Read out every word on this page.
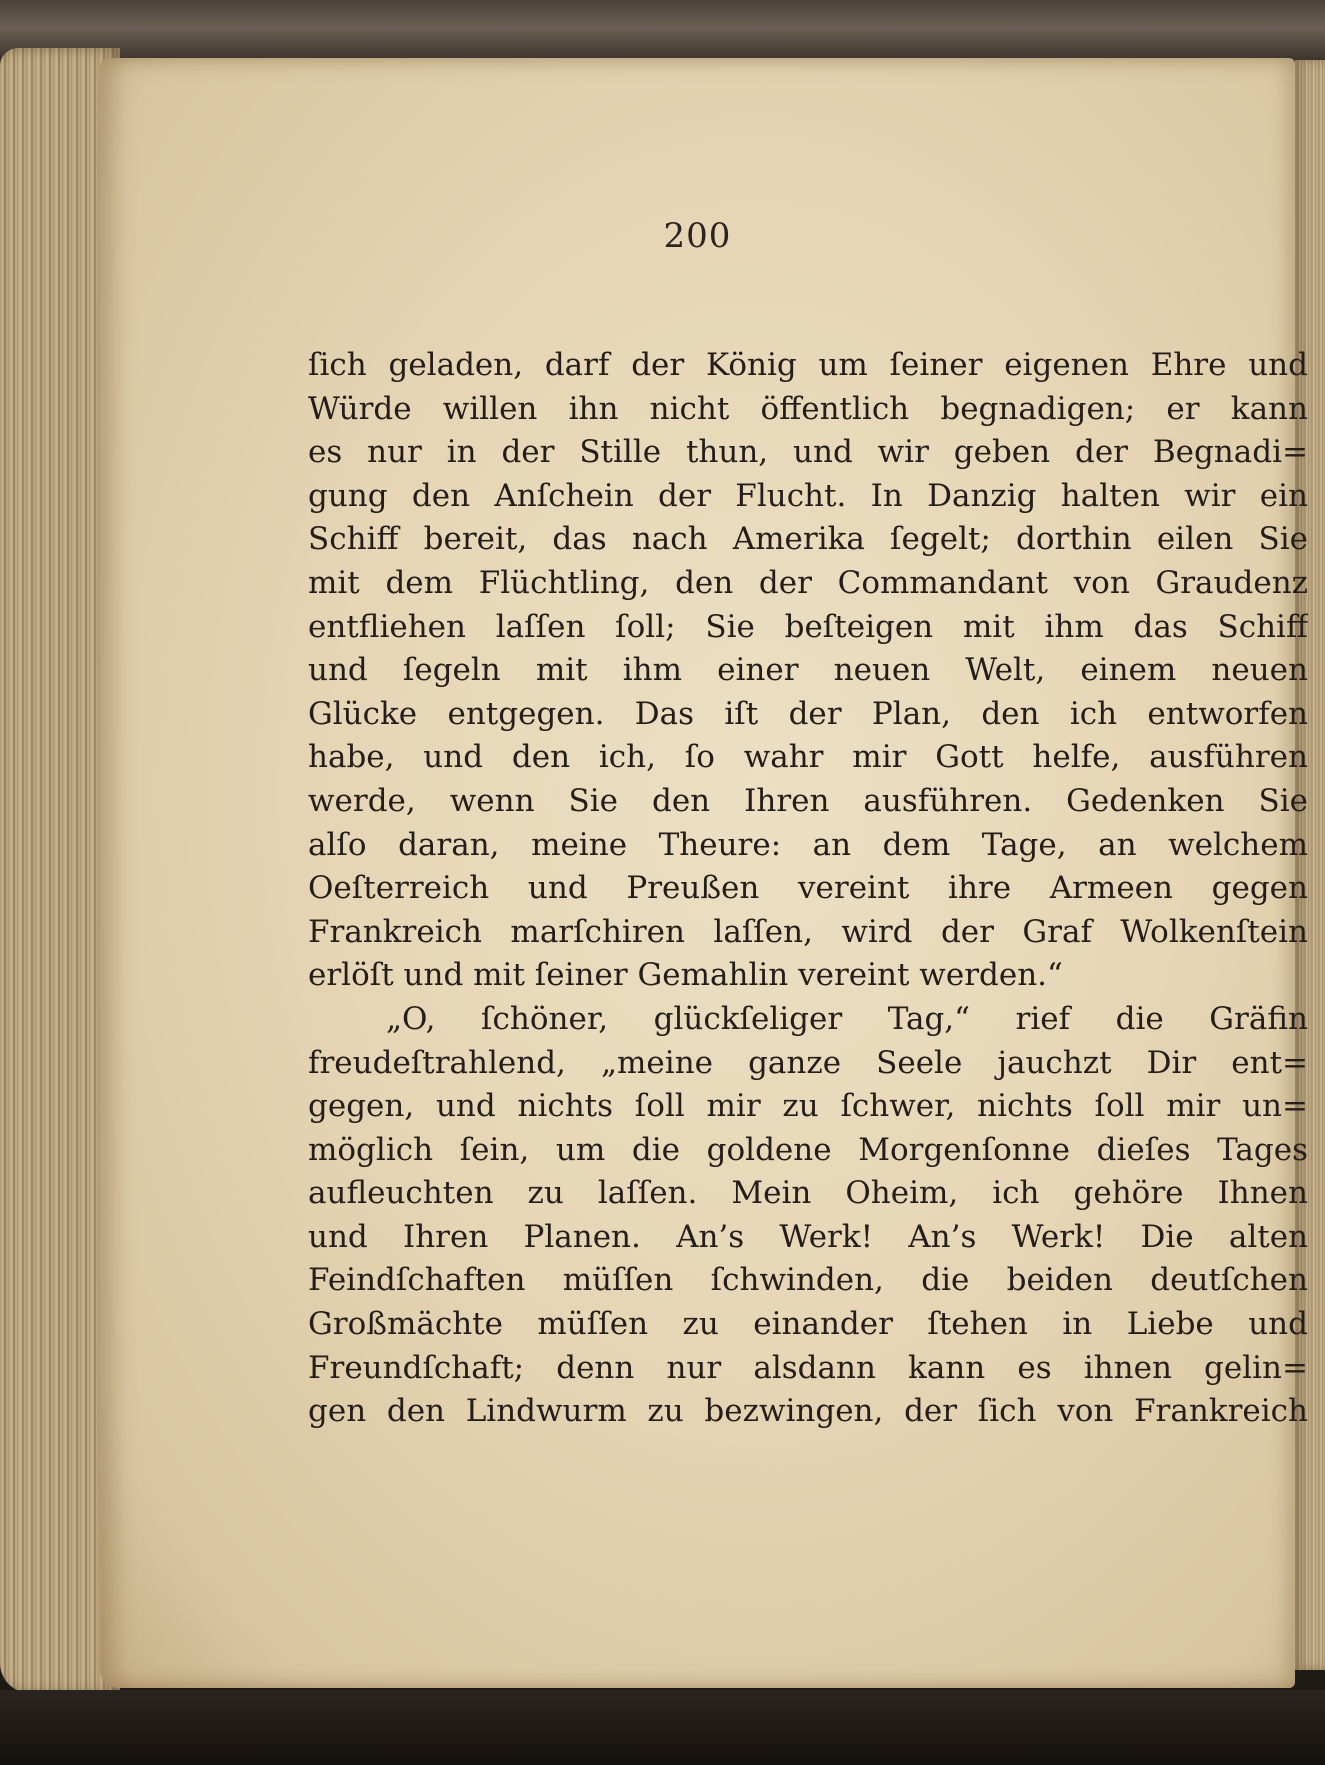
200
ſich geladen, darf der König um ſeiner eigenen Ehre und
Würde willen ihn nicht öffentlich begnadigen; er kann
es nur in der Stille thun, und wir geben der Begnadi=
gung den Anſchein der Flucht. In Danzig halten wir ein
Schiff bereit, das nach Amerika ſegelt; dorthin eilen Sie
mit dem Flüchtling, den der Commandant von Graudenz
entfliehen laſſen ſoll; Sie beſteigen mit ihm das Schiff
und ſegeln mit ihm einer neuen Welt, einem neuen
Glücke entgegen. Das iſt der Plan, den ich entworfen
habe, und den ich, ſo wahr mir Gott helfe, ausführen
werde, wenn Sie den Ihren ausführen. Gedenken Sie
alſo daran, meine Theure: an dem Tage, an welchem
Oeſterreich und Preußen vereint ihre Armeen gegen
Frankreich marſchiren laſſen, wird der Graf Wolkenſtein
erlöſt und mit ſeiner Gemahlin vereint werden.“
„O, ſchöner, glückſeliger Tag,“ rief die Gräfin
freudeſtrahlend, „meine ganze Seele jauchzt Dir ent=
gegen, und nichts ſoll mir zu ſchwer, nichts ſoll mir un=
möglich ſein, um die goldene Morgenſonne dieſes Tages
aufleuchten zu laſſen. Mein Oheim, ich gehöre Ihnen
und Ihren Planen. An’s Werk! An’s Werk! Die alten
Feindſchaften müſſen ſchwinden, die beiden deutſchen
Großmächte müſſen zu einander ſtehen in Liebe und
Freundſchaft; denn nur alsdann kann es ihnen gelin=
gen den Lindwurm zu bezwingen, der ſich von Frankreich
